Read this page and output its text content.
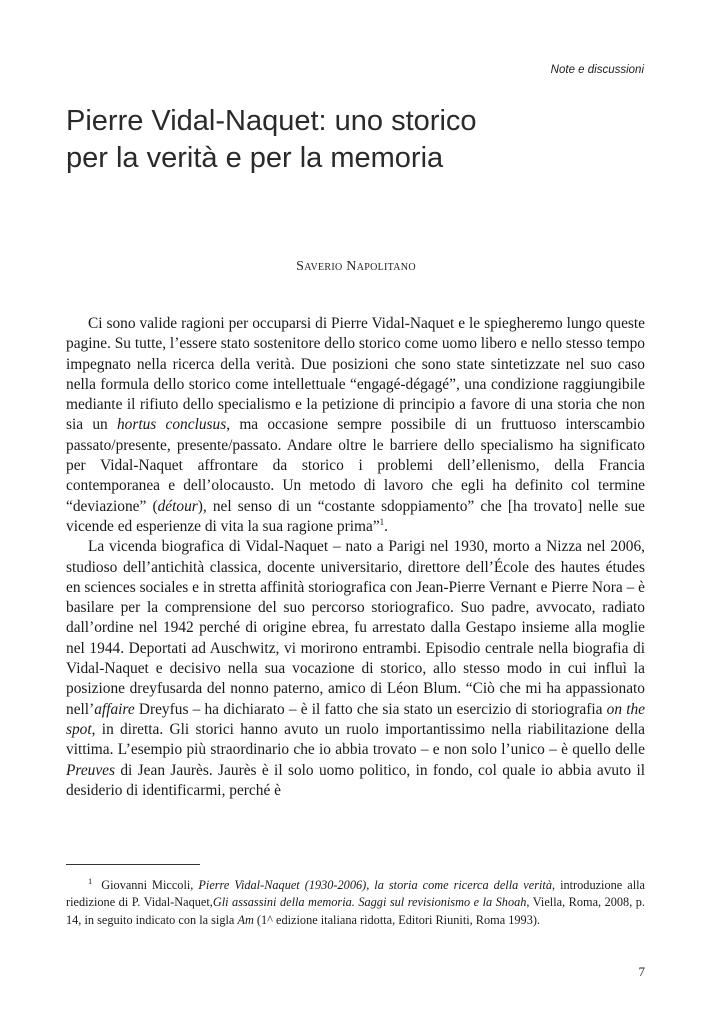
Note e discussioni
Pierre Vidal-Naquet: uno storico
per la verità e per la memoria
Saverio Napolitano

Ci sono valide ragioni per occuparsi di Pierre Vidal-Naquet e le spiegheremo lungo queste pagine. Su tutte, l’essere stato sostenitore dello storico come uomo libero e nello stesso tempo impegnato nella ricerca della verità. Due posizioni che sono state sintetizzate nel suo caso nella formula dello storico come intellettuale “engagé-dégagé”, una condizione raggiungibile mediante il rifiuto dello specialismo e la petizione di principio a favore di una storia che non sia un hortus conclusus, ma occasione sempre possibile di un fruttuoso interscambio passato/presente, presente/passato. Andare oltre le barriere dello specialismo ha significato per Vidal-Naquet affrontare da storico i problemi dell’ellenismo, della Francia contemporanea e dell’olocausto. Un metodo di lavoro che egli ha definito col termine “deviazione” (détour), nel senso di un “costante sdoppiamento” che [ha trovato] nelle sue vicende ed esperienze di vita la sua ragione prima”$^1$.

La vicenda biografica di Vidal-Naquet – nato a Parigi nel 1930, morto a Nizza nel 2006, studioso dell’antichità classica, docente universitario, direttore dell’École des hautes études en sciences sociales e in stretta affinità storiografica con Jean-Pierre Vernant e Pierre Nora – è basilare per la comprensione del suo percorso storiografico. Suo padre, avvocato, radiato dall’ordine nel 1942 perché di origine ebrea, fu arrestato dalla Gestapo insieme alla moglie nel 1944. Deportati ad Auschwitz, vi morirono entrambi. Episodio centrale nella biografia di Vidal-Naquet e decisivo nella sua vocazione di storico, allo stesso modo in cui influì la posizione dreyfusarda del nonno paterno, amico di Léon Blum. “Ciò che mi ha appassionato nell’affaire Dreyfus – ha dichiarato – è il fatto che sia stato un esercizio di storiografia on the spot, in diretta. Gli storici hanno avuto un ruolo importantissimo nella riabilitazione della vittima. L’esempio più straordinario che io abbia trovato – e non solo l’unico – è quello delle Preuves di Jean Jaurès. Jaurès è il solo uomo politico, in fondo, col quale io abbia avuto il desiderio di identificarmi, perché è

$^1$ Giovanni Miccoli, Pierre Vidal-Naquet (1930-2006), la storia come ricerca della verità, introduzione alla riedizione di P. Vidal-Naquet,Gli assassini della memoria. Saggi sul revisionismo e la Shoah, Viella, Roma, 2008, p. 14, in seguito indicato con la sigla Am (1^ edizione italiana ridotta, Editori Riuniti, Roma 1993).

7
